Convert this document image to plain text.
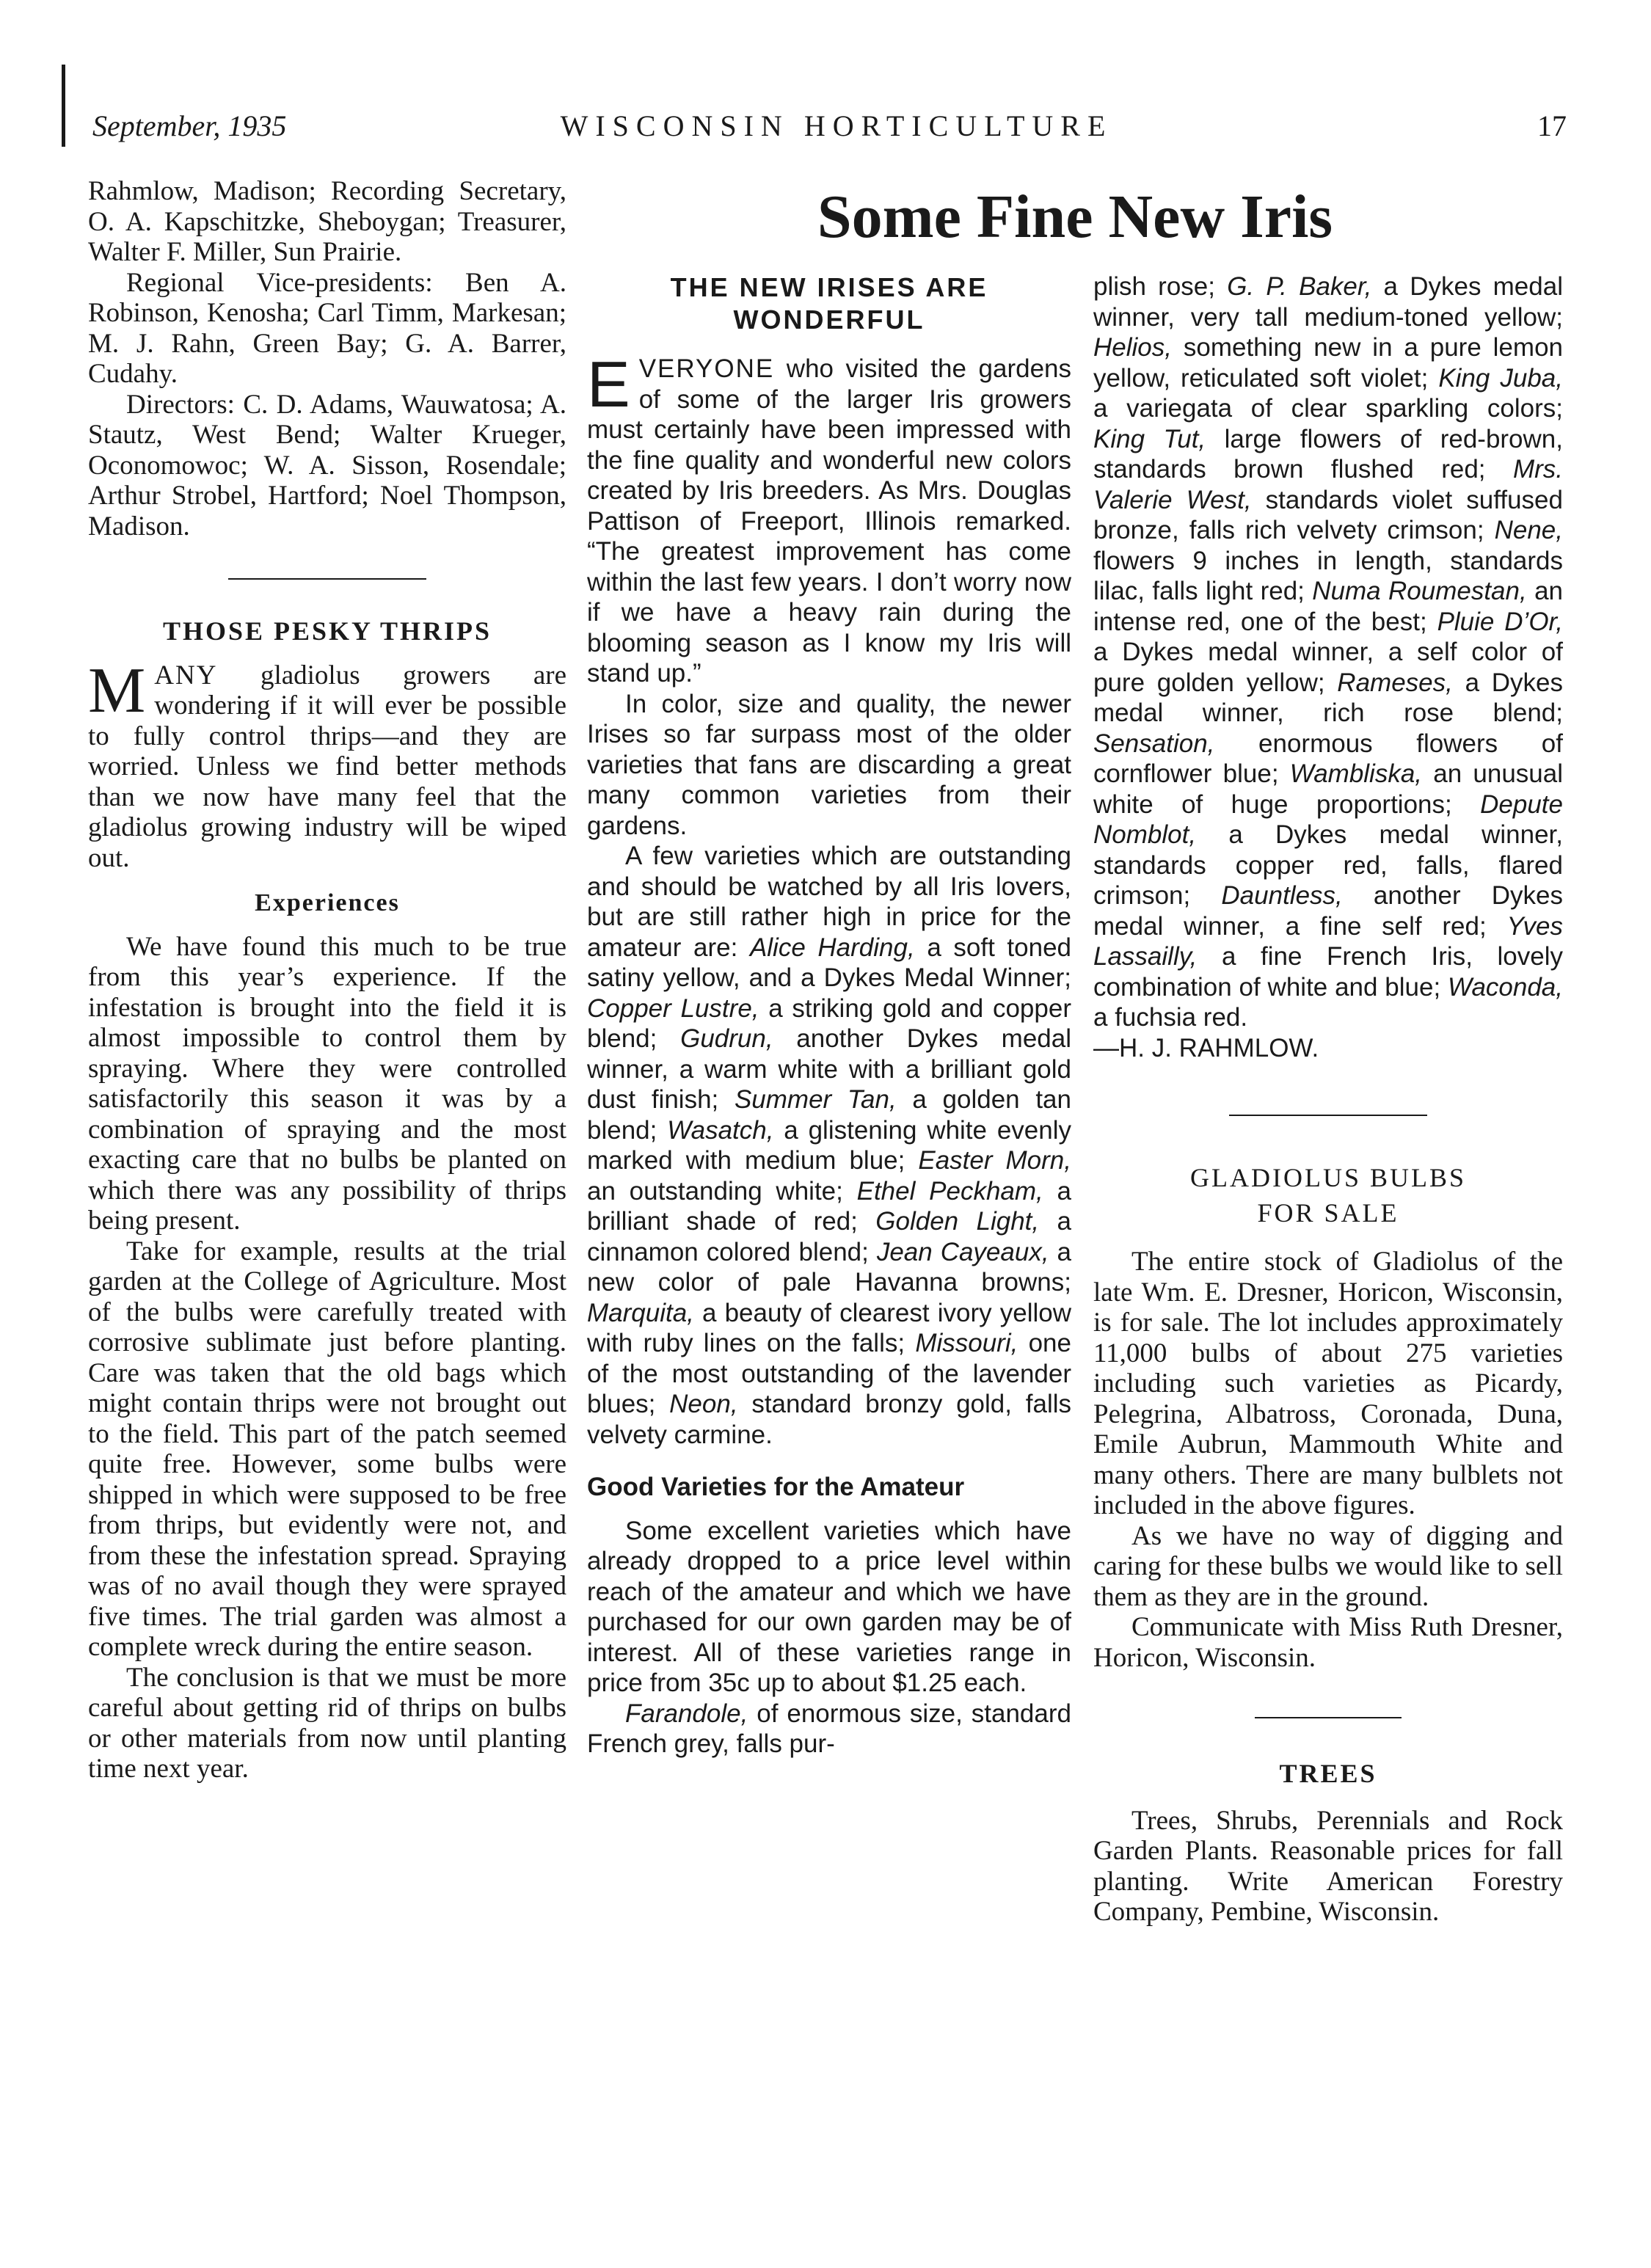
September, 1935	WISCONSIN HORTICULTURE	17

Rahmlow, Madison; Recording Secretary, O. A. Kapschitzke, Sheboygan; Treasurer, Walter F. Miller, Sun Prairie.

Regional Vice-presidents: Ben A. Robinson, Kenosha; Carl Timm, Markesan; M. J. Rahn, Green Bay; G. A. Barrer, Cudahy.

Directors: C. D. Adams, Wauwatosa; A. Stautz, West Bend; Walter Krueger, Oconomowoc; W. A. Sisson, Rosendale; Arthur Strobel, Hartford; Noel Thompson, Madison.

THOSE PESKY THRIPS

MANY gladiolus growers are wondering if it will ever be possible to fully control thrips—and they are worried. Unless we find better methods than we now have many feel that the gladiolus growing industry will be wiped out.

Experiences

We have found this much to be true from this year’s experience. If the infestation is brought into the field it is almost impossible to control them by spraying. Where they were controlled satisfactorily this season it was by a combination of spraying and the most exacting care that no bulbs be planted on which there was any possibility of thrips being present.

Take for example, results at the trial garden at the College of Agriculture. Most of the bulbs were carefully treated with corrosive sublimate just before planting. Care was taken that the old bags which might contain thrips were not brought out to the field. This part of the patch seemed quite free. However, some bulbs were shipped in which were supposed to be free from thrips, but evidently were not, and from these the infestation spread. Spraying was of no avail though they were sprayed five times. The trial garden was almost a complete wreck during the entire season.

The conclusion is that we must be more careful about getting rid of thrips on bulbs or other materials from now until planting time next year.

Some Fine New Iris
THE NEW IRISES ARE WONDERFUL

EVERYONE who visited the gardens of some of the larger Iris growers must certainly have been impressed with the fine quality and wonderful new colors created by Iris breeders. As Mrs. Douglas Pattison of Freeport, Illinois remarked. “The greatest improvement has come within the last few years. I don’t worry now if we have a heavy rain during the blooming season as I know my Iris will stand up.”

In color, size and quality, the newer Irises so far surpass most of the older varieties that fans are discarding a great many common varieties from their gardens.

A few varieties which are outstanding and should be watched by all Iris lovers, but are still rather high in price for the amateur are: Alice Harding, a soft toned satiny yellow, and a Dykes Medal Winner; Copper Lustre, a striking gold and copper blend; Gudrun, another Dykes medal winner, a warm white with a brilliant gold dust finish; Summer Tan, a golden tan blend; Wasatch, a glistening white evenly marked with medium blue; Easter Morn, an outstanding white; Ethel Peckham, a brilliant shade of red; Golden Light, a cinnamon colored blend; Jean Cayeaux, a new color of pale Havanna browns; Marquita, a beauty of clearest ivory yellow with ruby lines on the falls; Missouri, one of the most outstanding of the lavender blues; Neon, standard bronzy gold, falls velvety carmine.

Good Varieties for the Amateur

Some excellent varieties which have already dropped to a price level within reach of the amateur and which we have purchased for our own garden may be of interest. All of these varieties range in price from 35c up to about $1.25 each.

Farandole, of enormous size, standard French grey, falls pur-

plish rose; G. P. Baker, a Dykes medal winner, very tall medium-toned yellow; Helios, something new in a pure lemon yellow, reticulated soft violet; King Juba, a variegata of clear sparkling colors; King Tut, large flowers of red-brown, standards brown flushed red; Mrs. Valerie West, standards violet suffused bronze, falls rich velvety crimson; Nene, flowers 9 inches in length, standards lilac, falls light red; Numa Roumestan, an intense red, one of the best; Pluie D’Or, a Dykes medal winner, a self color of pure golden yellow; Rameses, a Dykes medal winner, rich rose blend; Sensation, enormous flowers of cornflower blue; Wambliska, an unusual white of huge proportions; Depute Nomblot, a Dykes medal winner, standards copper red, falls, flared crimson; Dauntless, another Dykes medal winner, a fine self red; Yves Lassailly, a fine French Iris, lovely combination of white and blue; Waconda, a fuchsia red.

—H. J. RAHMLOW.

GLADIOLUS BULBS
FOR SALE

The entire stock of Gladiolus of the late Wm. E. Dresner, Horicon, Wisconsin, is for sale. The lot includes approximately 11,000 bulbs of about 275 varieties including such varieties as Picardy, Pelegrina, Albatross, Coronada, Duna, Emile Aubrun, Mammouth White and many others. There are many bulblets not included in the above figures.

As we have no way of digging and caring for these bulbs we would like to sell them as they are in the ground.

Communicate with Miss Ruth Dresner, Horicon, Wisconsin.

TREES

Trees, Shrubs, Perennials and Rock Garden Plants. Reasonable prices for fall planting. Write American Forestry Company, Pembine, Wisconsin.
